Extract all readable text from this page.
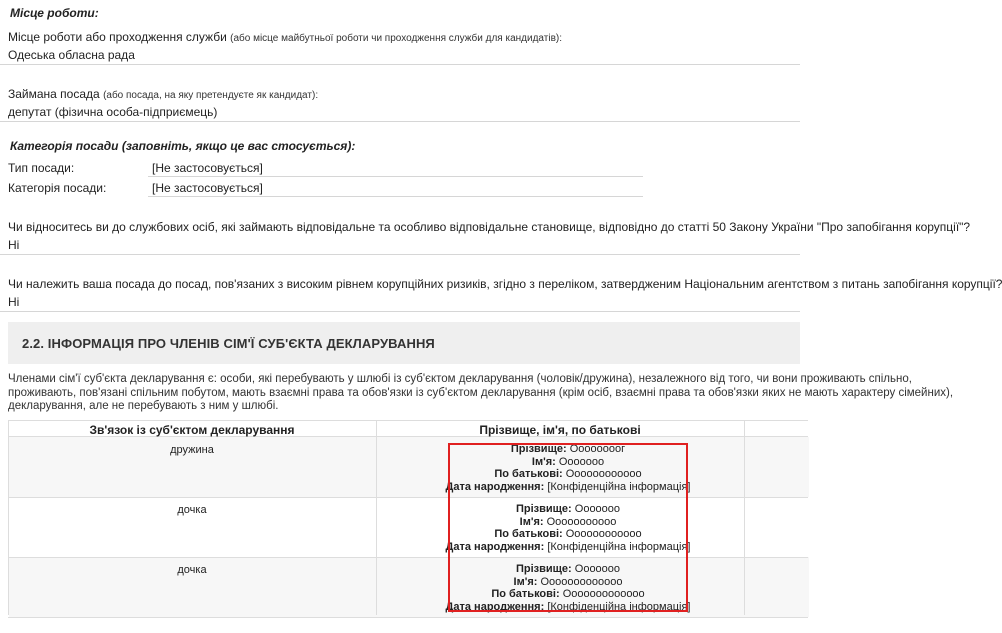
Місце роботи:
Місце роботи або проходження служби (або місце майбутньої роботи чи проходження служби для кандидатів):
Одеська обласна рада
Займана посада (або посада, на яку претендуєте як кандидат):
депутат (фізична особа-підприємець)
Категорія посади (заповніть, якщо це вас стосується):
Тип посади:	[Не застосовується]
Категорія посади:	[Не застосовується]
Чи відноситесь ви до службових осіб, які займають відповідальне та особливо відповідальне становище, відповідно до статті 50 Закону України "Про запобігання корупції"?
Ні
Чи належить ваша посада до посад, пов'язаних з високим рівнем корупційних ризиків, згідно з переліком, затвердженим Національним агентством з питань запобігання корупції?
Ні
2.2. ІНФОРМАЦІЯ ПРО ЧЛЕНІВ СІМ'Ї СУБ'ЄКТА ДЕКЛАРУВАННЯ
Членами сім'ї суб'єкта декларування є: особи, які перебувають у шлюбі із суб'єктом декларування (чоловік/дружина), незалежного від того, чи вони проживають спільно,
проживають, пов'язані спільним побутом, мають взаємні права та обов'язки із суб'єктом декларування (крім осіб, взаємні права та обов'язки яких не мають характеру сімейних),
декларування, але не перебувають з ним у шлюбі.
Зв'язок із суб'єктом декларування	Прізвище, ім'я, по батькові
дружина	Прізвище: Оооооооог
Ім'я: Ооооооо
По батькові: Оооооооооооо
Дата народження: [Конфіденційна інформація]
дочка	Прізвище: Ооооооо
Ім'я: Ооооооооооо
По батькові: Оооооооооооо
Дата народження: [Конфіденційна інформація]
дочка	Прізвище: Ооооооо
Ім'я: Ооооооооооооо
По батькові: Ооооооооооооо
Дата народження: [Конфіденційна інформація]
